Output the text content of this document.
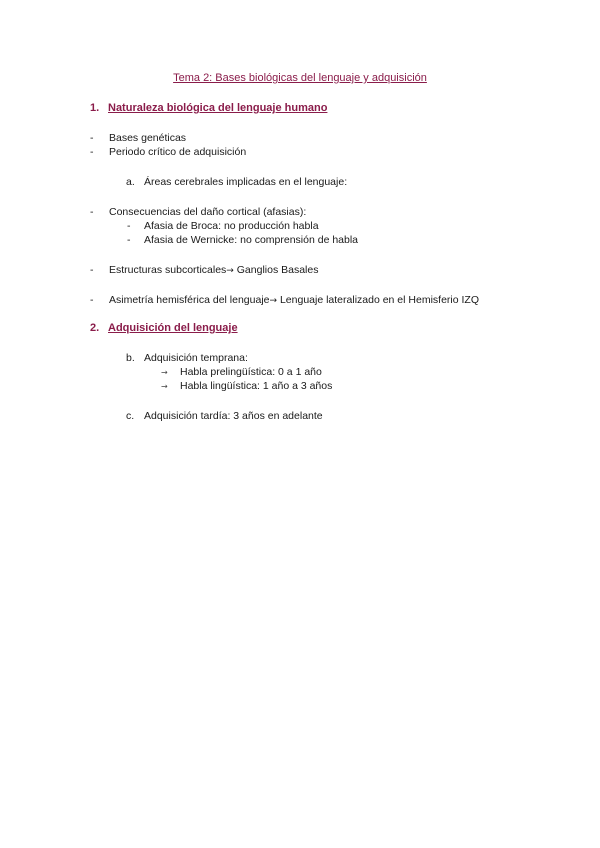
Tema 2: Bases biológicas del lenguaje y adquisición
1. Naturaleza biológica del lenguaje humano
- Bases genéticas
- Periodo crítico de adquisición
a. Áreas cerebrales implicadas en el lenguaje:
- Consecuencias del daño cortical (afasias):
- Afasia de Broca: no producción habla
- Afasia de Wernicke: no comprensión de habla
- Estructuras subcorticales→ Ganglios Basales
- Asimetría hemisférica del lenguaje→ Lenguaje lateralizado en el Hemisferio IZQ
2. Adquisición del lenguaje
b. Adquisición temprana:
→ Habla prelingüística: 0 a 1 año
→ Habla lingüística: 1 año a 3 años
c. Adquisición tardía: 3 años en adelante
